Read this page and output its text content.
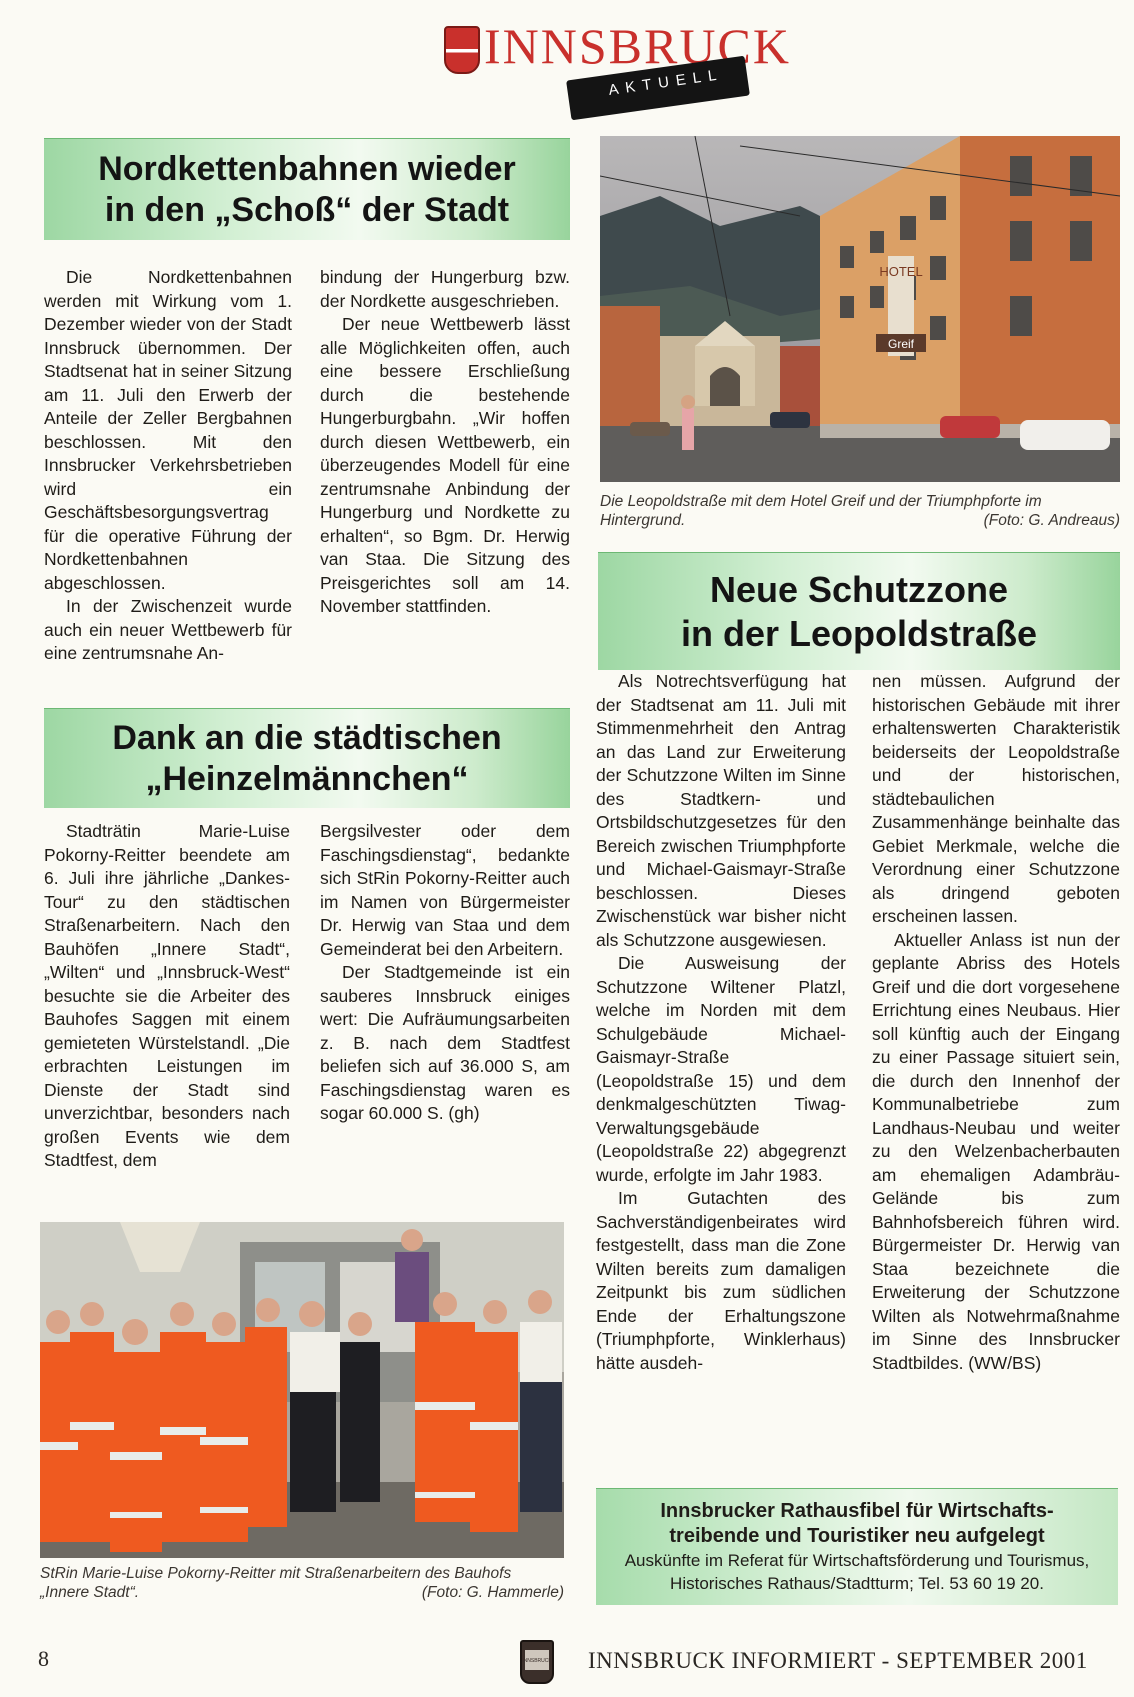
INNSBRUCK
AKTUELL
Nordkettenbahnen wieder
in den „Schoß“ der Stadt

Die Nordkettenbahnen werden mit Wirkung vom 1. Dezember wieder von der Stadt Innsbruck übernommen. Der Stadtsenat hat in seiner Sitzung am 11. Juli den Erwerb der Anteile der Zeller Bergbahnen beschlossen. Mit den Innsbrucker Verkehrsbetrieben wird ein Geschäftsbesorgungsvertrag für die operative Führung der Nordkettenbahnen abgeschlossen.

In der Zwischenzeit wurde auch ein neuer Wettbewerb für eine zentrumsnahe An-

bindung der Hungerburg bzw. der Nordkette ausgeschrieben.

Der neue Wettbewerb lässt alle Möglichkeiten offen, auch eine bessere Erschließung durch die bestehende Hungerburgbahn. „Wir hoffen durch diesen Wettbewerb, ein überzeugendes Modell für eine zentrumsnahe Anbindung der Hungerburg und Nordkette zu erhalten“, so Bgm. Dr. Herwig van Staa. Die Sitzung des Preisgerichtes soll am 14. November stattfinden.

Dank an die städtischen
„Heinzelmännchen“

Stadträtin Marie-Luise Pokorny-Reitter beendete am 6. Juli ihre jährliche „Dankes-Tour“ zu den städtischen Straßenarbeitern. Nach den Bauhöfen „Innere Stadt“, „Wilten“ und „Innsbruck-West“ besuchte sie die Arbeiter des Bauhofes Saggen mit einem gemieteten Würstelstandl. „Die erbrachten Leistungen im Dienste der Stadt sind unverzichtbar, besonders nach großen Events wie dem Stadtfest, dem

Bergsilvester oder dem Faschingsdienstag“, bedankte sich StRin Pokorny-Reitter auch im Namen von Bürgermeister Dr. Herwig van Staa und dem Gemeinderat bei den Arbeitern.

Der Stadtgemeinde ist ein sauberes Innsbruck einiges wert: Die Aufräumungsarbeiten z. B. nach dem Stadtfest beliefen sich auf 36.000 S, am Faschingsdienstag waren es sogar 60.000 S. (gh)

StRin Marie-Luise Pokorny-Reitter mit Straßenarbeitern des Bauhofs „Innere Stadt“.	(Foto: G. Hammerle)
HOTEL
Greif
Die Leopoldstraße mit dem Hotel Greif und der Triumphpforte im Hintergrund.	(Foto: G. Andreaus)
Neue Schutzzone
in der Leopoldstraße

Als Notrechtsverfügung hat der Stadtsenat am 11. Juli mit Stimmenmehrheit den Antrag an das Land zur Erweiterung der Schutzzone Wilten im Sinne des Stadtkern- und Ortsbildschutzgesetzes für den Bereich zwischen Triumphpforte und Michael-Gaismayr-Straße beschlossen. Dieses Zwischenstück war bisher nicht als Schutzzone ausgewiesen.

Die Ausweisung der Schutzzone Wiltener Platzl, welche im Norden mit dem Schulgebäude Michael-Gaismayr-Straße (Leopoldstraße 15) und dem denkmalgeschützten Tiwag-Verwaltungsgebäude (Leopoldstraße 22) abgegrenzt wurde, erfolgte im Jahr 1983.

Im Gutachten des Sachverständigenbeirates wird festgestellt, dass man die Zone Wilten bereits zum damaligen Zeitpunkt bis zum südlichen Ende der Erhaltungszone (Triumphpforte, Winklerhaus) hätte ausdeh-

nen müssen. Aufgrund der historischen Gebäude mit ihrer erhaltenswerten Charakteristik beiderseits der Leopoldstraße und der historischen, städtebaulichen Zusammenhänge beinhalte das Gebiet Merkmale, welche die Verordnung einer Schutzzone als dringend geboten erscheinen lassen.

Aktueller Anlass ist nun der geplante Abriss des Hotels Greif und die dort vorgesehene Errichtung eines Neubaus. Hier soll künftig auch der Eingang zu einer Passage situiert sein, die durch den Innenhof der Kommunalbetriebe zum Landhaus-Neubau und weiter zu den Welzenbacherbauten am ehemaligen Adambräu-Gelände bis zum Bahnhofsbereich führen wird. Bürgermeister Dr. Herwig van Staa bezeichnete die Erweiterung der Schutzzone Wilten als Notwehrmaßnahme im Sinne des Innsbrucker Stadtbildes. (WW/BS)

Innsbrucker Rathausfibel für Wirtschafts-
treibende und Touristiker neu aufgelegt
Auskünfte im Referat für Wirtschaftsförderung und Tourismus, Historisches Rathaus/Stadtturm; Tel. 53 60 19 20.
8	INNSBRUCK INNSBRUCK INFORMIERT - SEPTEMBER 2001
